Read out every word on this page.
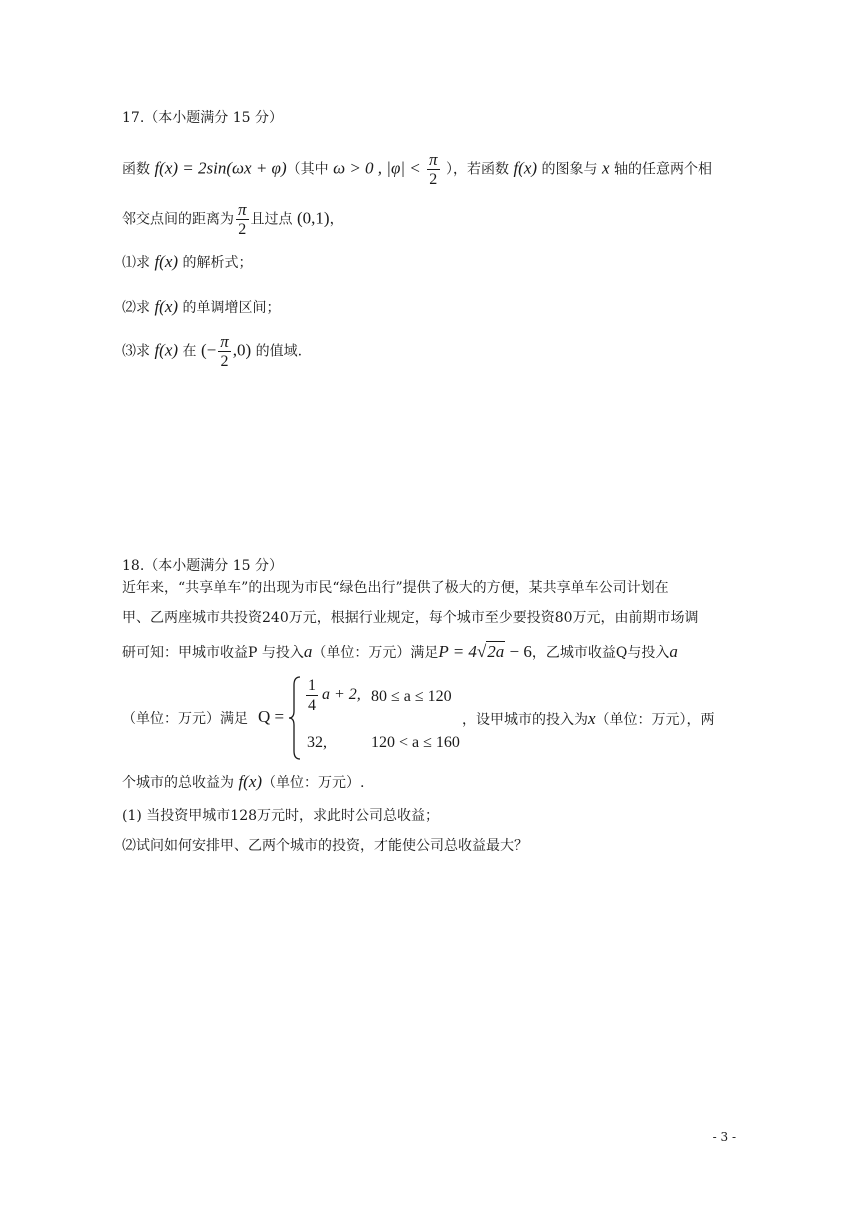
17.（本小题满分 15 分）
函数 f(x) = 2sin(ωx + φ)（其中 ω > 0 , $|\varphi| < \frac{\pi}{2}$ ），若函数 f(x) 的图象与 x 轴的任意两个相
邻交点间的距离为 $\frac{\pi}{2}$ 且过点 (0,1)，
⑴求 f(x) 的解析式；
⑵求 f(x) 的单调增区间；
⑶求 f(x) 在 (− $\frac{\pi}{2} ,0$) 的值域.
18.（本小题满分 15 分）
近年来，“共享单车”的出现为市民“绿色出行”提供了极大的方便，某共享单车公司计划在
甲、乙两座城市共投资240万元，根据行业规定，每个城市至少要投资80万元，由前期市场调
研可知：甲城市收益P 与投入a（单位：万元）满足P = 4√2a − 6，乙城市收益Q与投入a
（单位：万元）满足 Q =
$\frac{1}{4}$ a + 2, 80 ≤ a ≤ 120
32,	120 < a ≤ 160
，设甲城市的投入为x（单位：万元），两
个城市的总收益为 f(x)（单位：万元）.
(1) 当投资甲城市128万元时，求此时公司总收益；
⑵试问如何安排甲、乙两个城市的投资，才能使公司总收益最大？
- 3 -
